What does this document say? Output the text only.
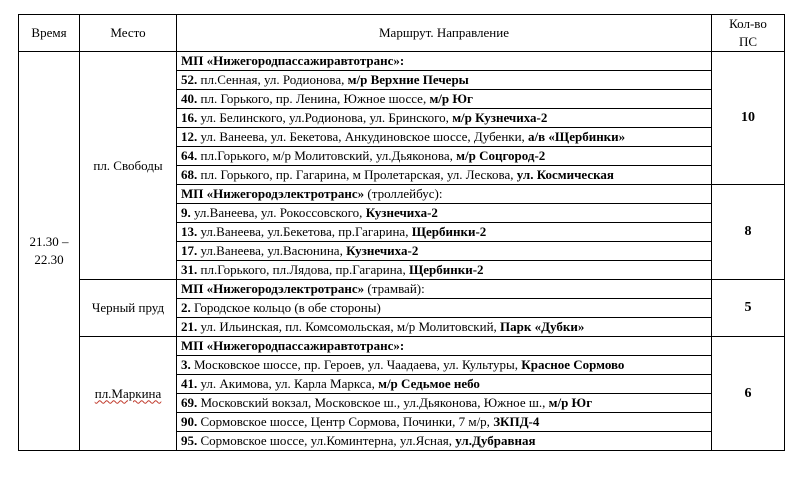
Время	Место	Маршрут. Направление	Кол-во
ПС
21.30 –
22.30	пл. Свободы	МП «Нижегородпассажиравтотранс»:	10
		52. пл.Сенная, ул. Родионова, м/р Верхние Печеры	
		40. пл. Горького, пр. Ленина, Южное шоссе, м/р Юг	
		16. ул. Белинского, ул.Родионова, ул. Бринского, м/р Кузнечиха-2	
		12. ул. Ванеева, ул. Бекетова, Анкудиновское шоссе, Дубенки, а/в «Щербинки»	
		64. пл.Горького, м/р Молитовский, ул.Дьяконова, м/р Соцгород-2	
		68. пл. Горького, пр. Гагарина, м Пролетарская, ул. Лескова, ул. Космическая	
		МП «Нижегородэлектротранс» (троллейбус):	8
		9. ул.Ванеева, ул. Рокоссовского, Кузнечиха-2	
		13. ул.Ванеева, ул.Бекетова, пр.Гагарина, Щербинки-2	
		17. ул.Ванеева, ул.Васюнина, Кузнечиха-2	
		31. пл.Горького, пл.Лядова, пр.Гагарина, Щербинки-2	
	Черный пруд	МП «Нижегородэлектротранс» (трамвай):	5
		2. Городское кольцо (в обе стороны)	
		21. ул. Ильинская, пл. Комсомольская, м/р Молитовский, Парк «Дубки»	
	пл.Маркина	МП «Нижегородпассажиравтотранс»:	6
		3. Московское шоссе, пр. Героев, ул. Чаадаева, ул. Культуры, Красное Сормово	
		41. ул. Акимова, ул. Карла Маркса, м/р Седьмое небо	
		69. Московский вокзал, Московское ш., ул.Дьяконова, Южное ш., м/р Юг	
		90. Сормовское шоссе, Центр Сормова, Починки, 7 м/р, ЗКПД-4	
		95. Сормовское шоссе, ул.Коминтерна, ул.Ясная, ул.Дубравная	
